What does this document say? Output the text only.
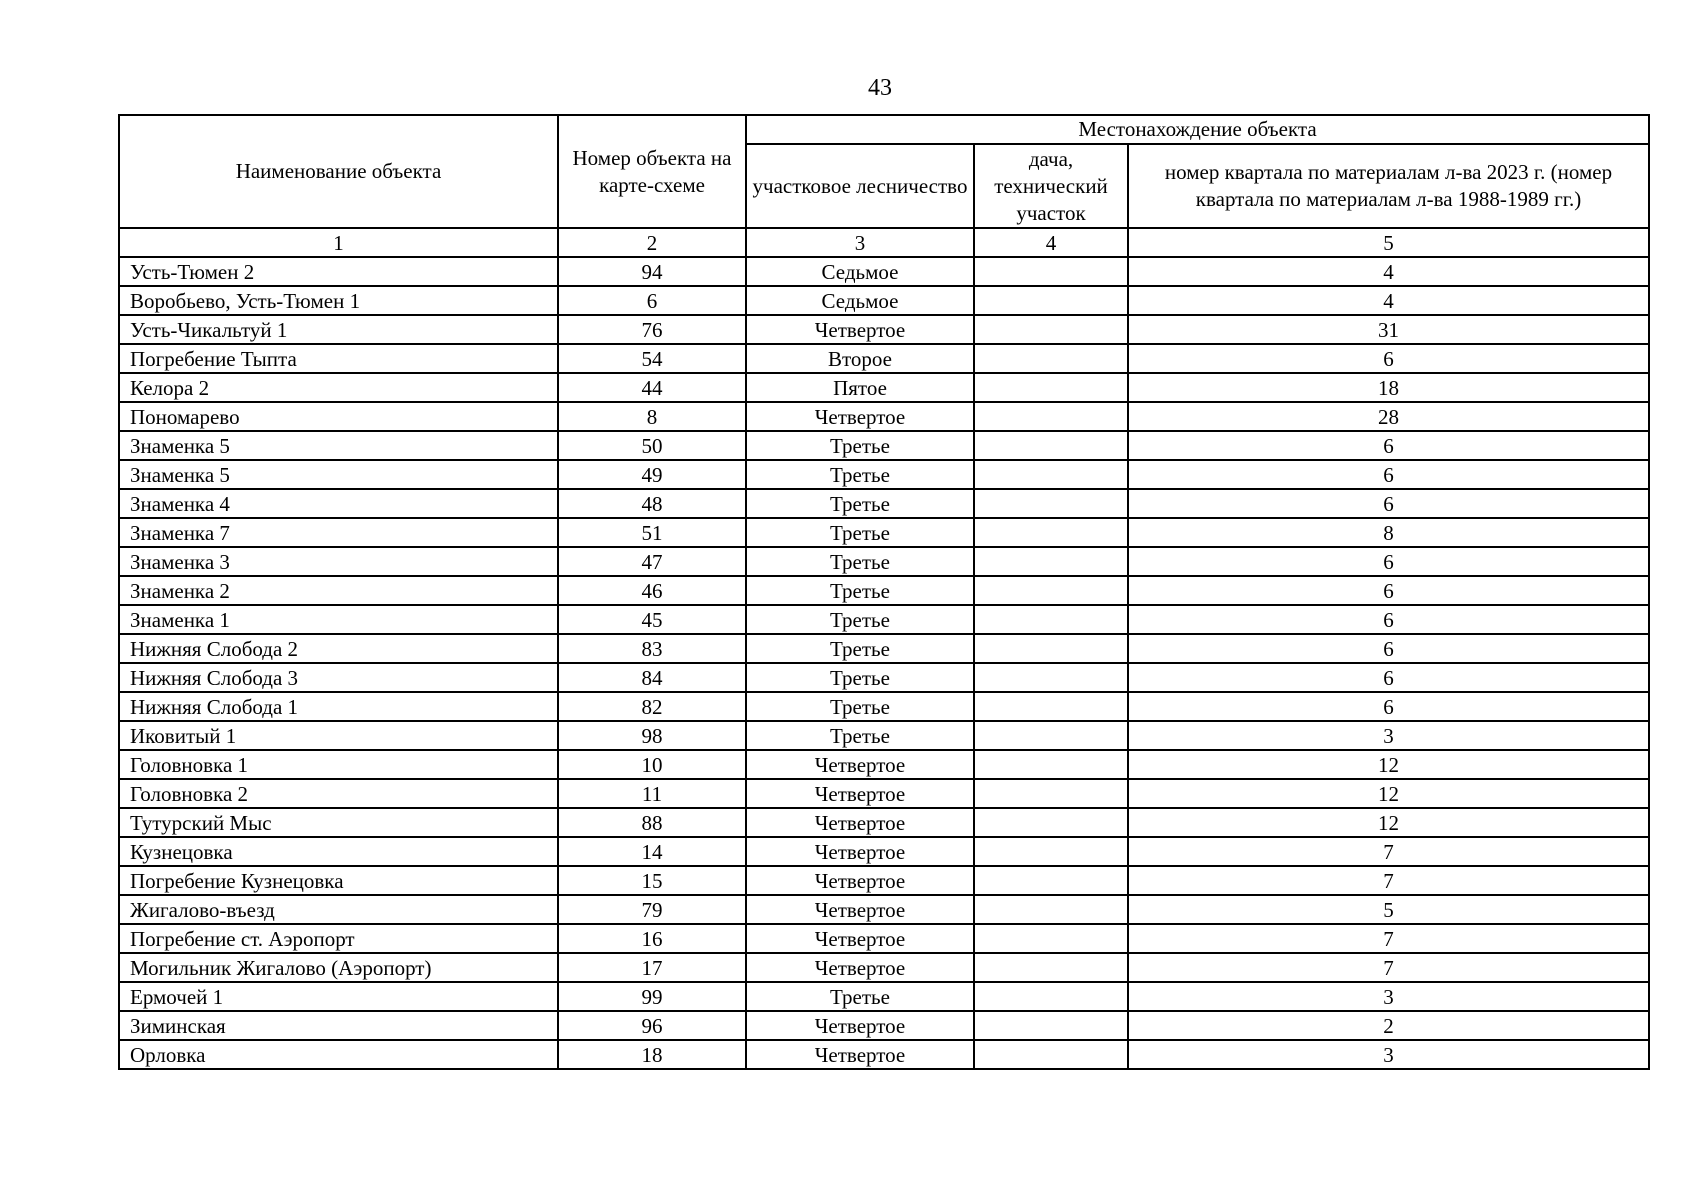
43
Наименование объекта	Номер объекта на карте-схеме	Местонахождение объекта		
		участковое лесничество	дача, технический участок	номер квартала по материалам л-ва 2023 г. (номер квартала по материалам л-ва 1988-1989 гг.)
1	2	3	4	5
Усть-Тюмен 2	94	Седьмое		4
Воробьево, Усть-Тюмен 1	6	Седьмое		4
Усть-Чикальтуй 1	76	Четвертое		31
Погребение Тыпта	54	Второе		6
Келора 2	44	Пятое		18
Пономарево	8	Четвертое		28
Знаменка 5	50	Третье		6
Знаменка 5	49	Третье		6
Знаменка 4	48	Третье		6
Знаменка 7	51	Третье		8
Знаменка 3	47	Третье		6
Знаменка 2	46	Третье		6
Знаменка 1	45	Третье		6
Нижняя Слобода 2	83	Третье		6
Нижняя Слобода 3	84	Третье		6
Нижняя Слобода 1	82	Третье		6
Иковитый 1	98	Третье		3
Головновка 1	10	Четвертое		12
Головновка 2	11	Четвертое		12
Тутурский Мыс	88	Четвертое		12
Кузнецовка	14	Четвертое		7
Погребение Кузнецовка	15	Четвертое		7
Жигалово-въезд	79	Четвертое		5
Погребение ст. Аэропорт	16	Четвертое		7
Могильник Жигалово (Аэропорт)	17	Четвертое		7
Ермочей 1	99	Третье		3
Зиминская	96	Четвертое		2
Орловка	18	Четвертое		3
